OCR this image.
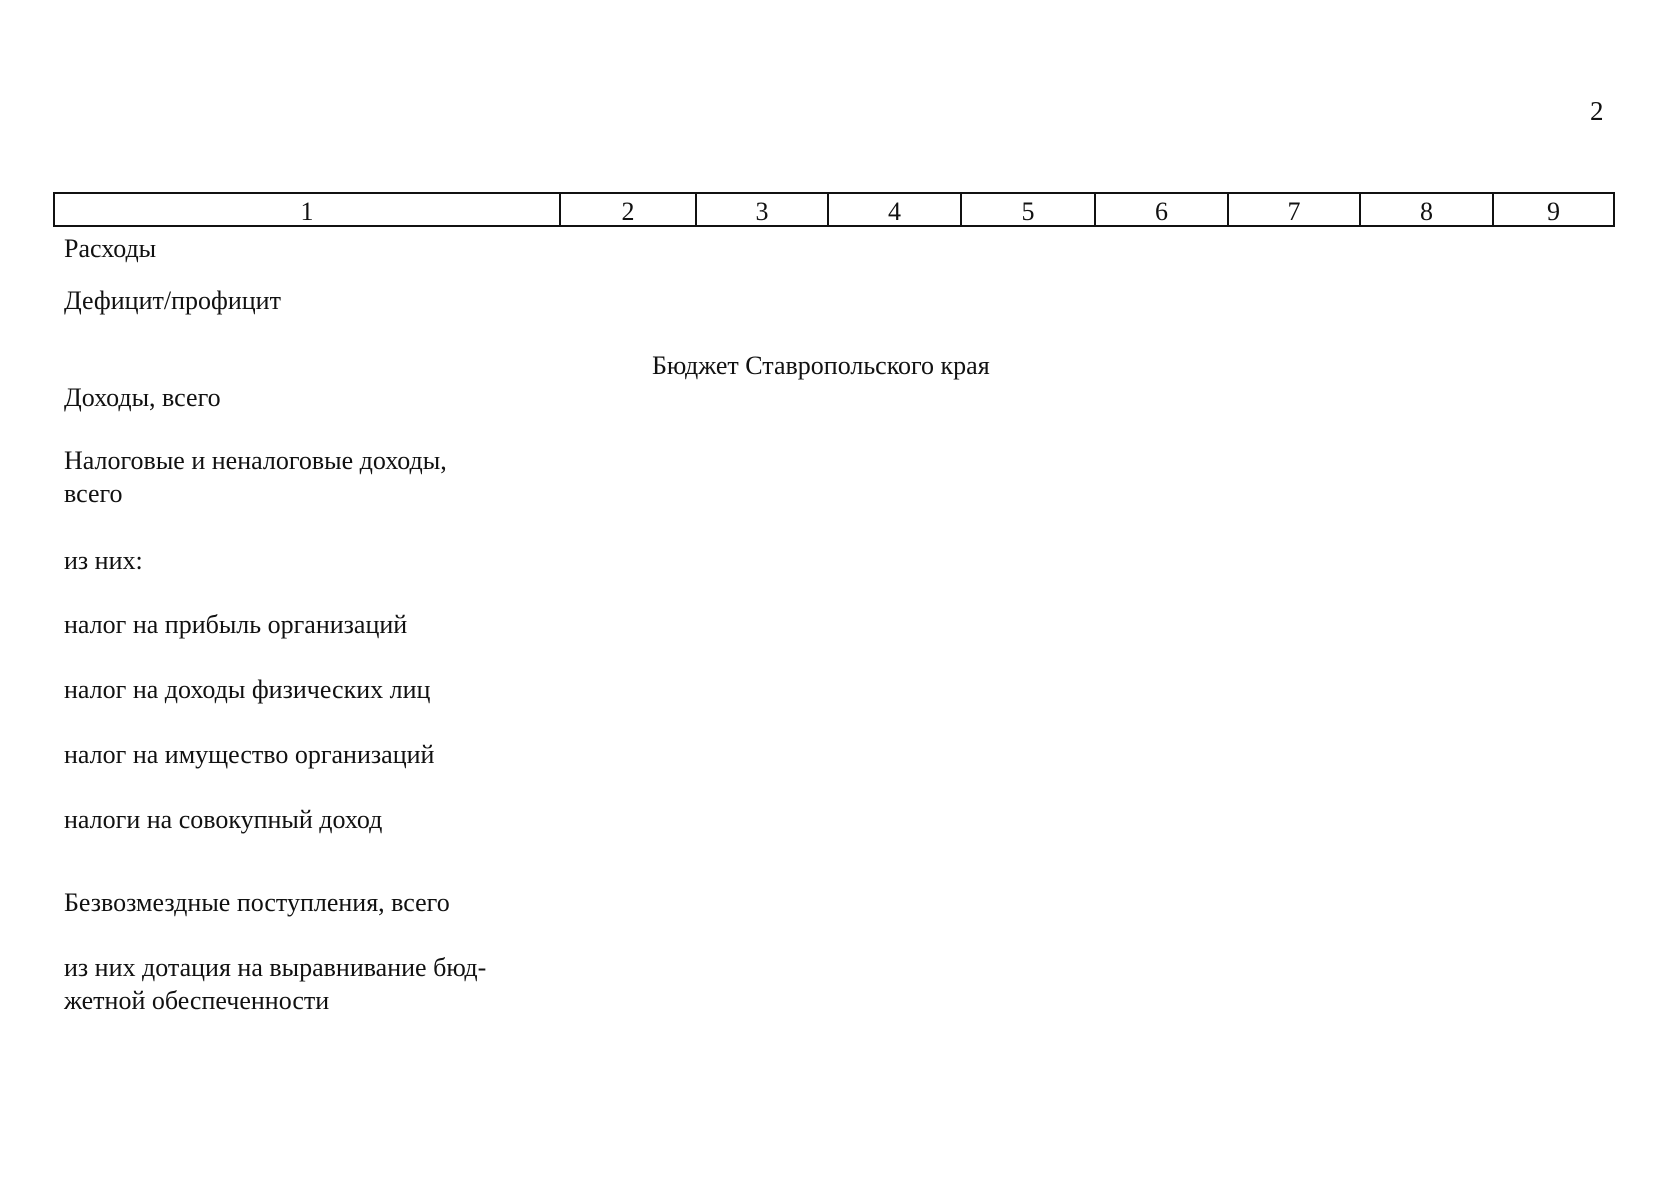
2
1	2	3	4	5	6	7	8	9
Расходы
Дефицит/профицит
Бюджет Ставропольского края
Доходы, всего
Налоговые и неналоговые доходы,
всего
из них:
налог на прибыль организаций
налог на доходы физических лиц
налог на имущество организаций
налоги на совокупный доход
Безвозмездные поступления, всего
из них дотация на выравнивание бюд-
жетной обеспеченности
